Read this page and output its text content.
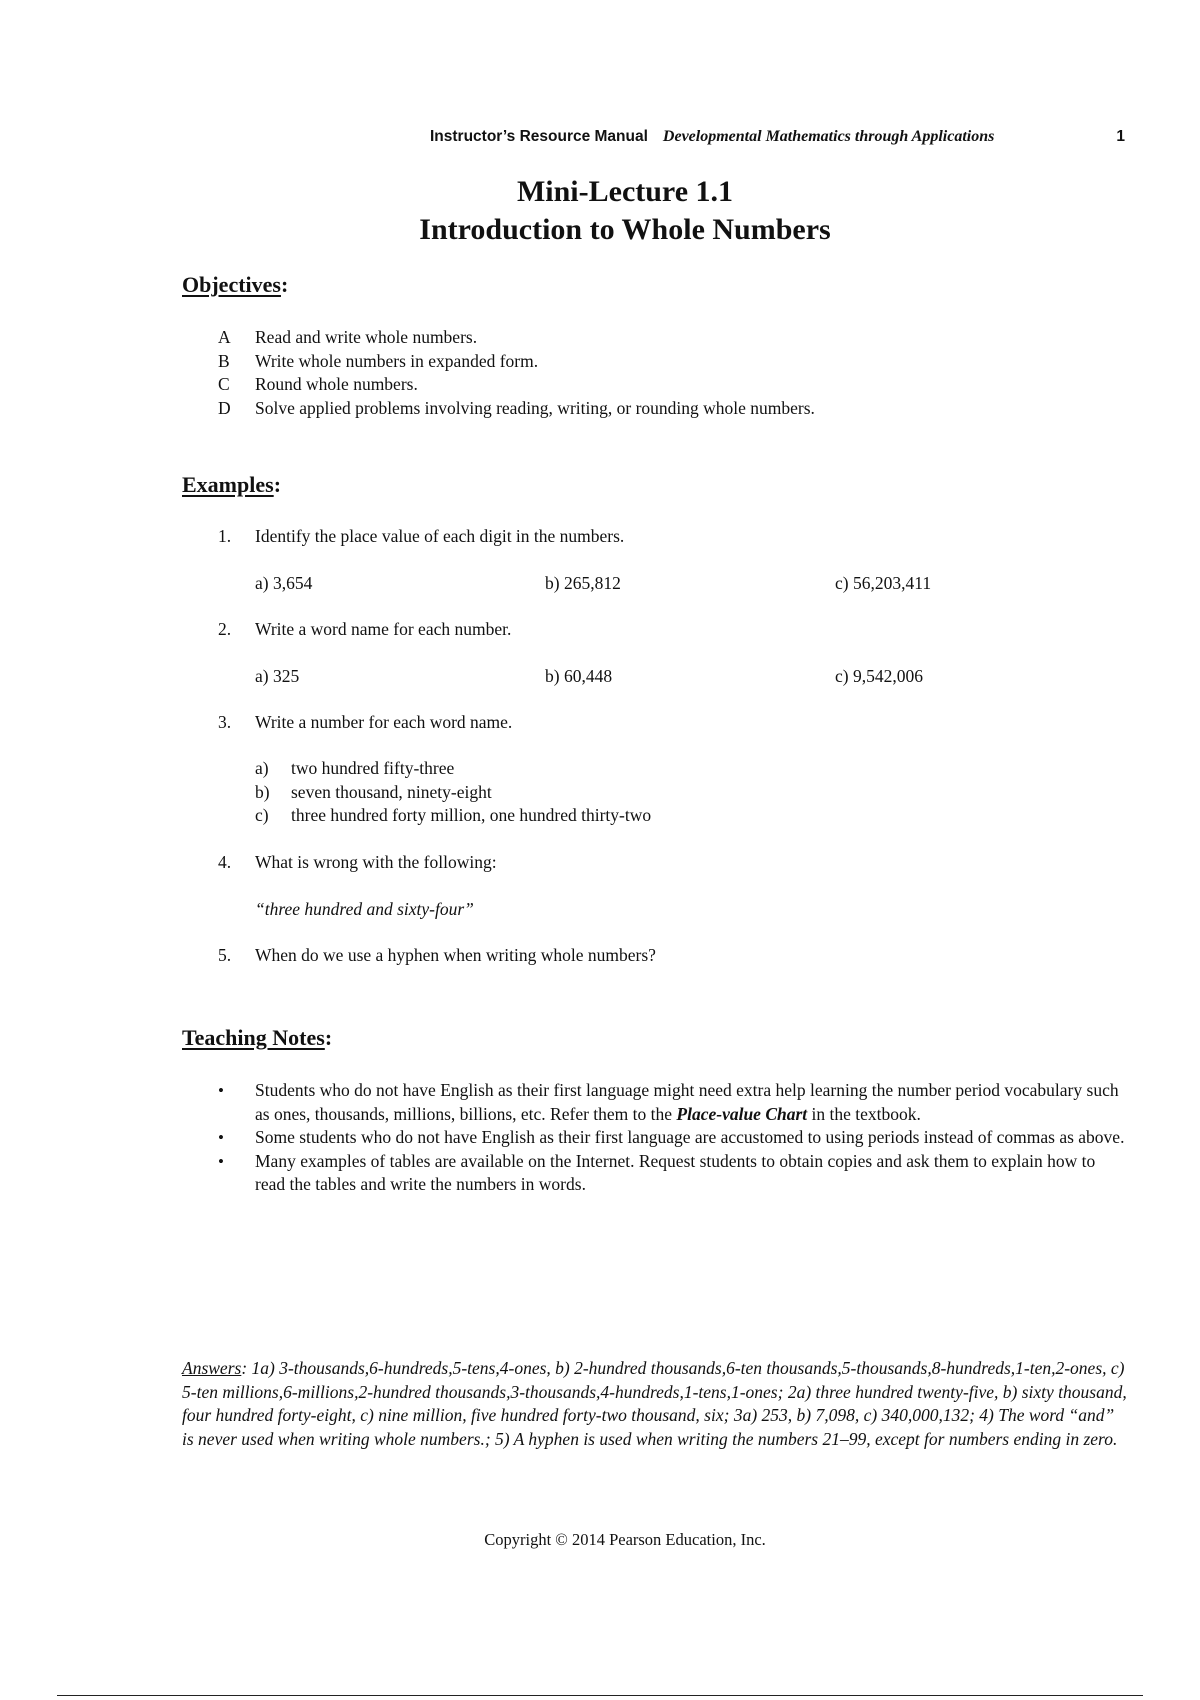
Instructor’s Resource Manual Developmental Mathematics through Applications	1
Mini-Lecture 1.1
Introduction to Whole Numbers
Objectives:
A	Read and write whole numbers.
B	Write whole numbers in expanded form.
C	Round whole numbers.
D	Solve applied problems involving reading, writing, or rounding whole numbers.
Examples:
1.	Identify the place value of each digit in the numbers.
a) 3,654	b) 265,812	c) 56,203,411
2.	Write a word name for each number.
a) 325	b) 60,448	c) 9,542,006
3.	Write a number for each word name.
a)	two hundred fifty-three
b)	seven thousand, ninety-eight
c)	three hundred forty million, one hundred thirty-two
4.	What is wrong with the following:
“three hundred and sixty-four”
5.	When do we use a hyphen when writing whole numbers?
Teaching Notes:
•	Students who do not have English as their first language might need extra help learning the number period vocabulary such as ones, thousands, millions, billions, etc. Refer them to the Place-value Chart in the textbook.
•	Some students who do not have English as their first language are accustomed to using periods instead of commas as above.
•	Many examples of tables are available on the Internet. Request students to obtain copies and ask them to explain how to read the tables and write the numbers in words.
Answers: 1a) 3-thousands,6-hundreds,5-tens,4-ones, b) 2-hundred thousands,6-ten thousands,5-thousands,8-hundreds,1-ten,2-ones, c) 5-ten millions,6-millions,2-hundred thousands,3-thousands,4-hundreds,1-tens,1-ones; 2a) three hundred twenty-five, b) sixty thousand, four hundred forty-eight, c) nine million, five hundred forty-two thousand, six; 3a) 253, b) 7,098, c) 340,000,132; 4) The word “and” is never used when writing whole numbers.; 5) A hyphen is used when writing the numbers 21–99, except for numbers ending in zero.
Copyright © 2014 Pearson Education, Inc.
